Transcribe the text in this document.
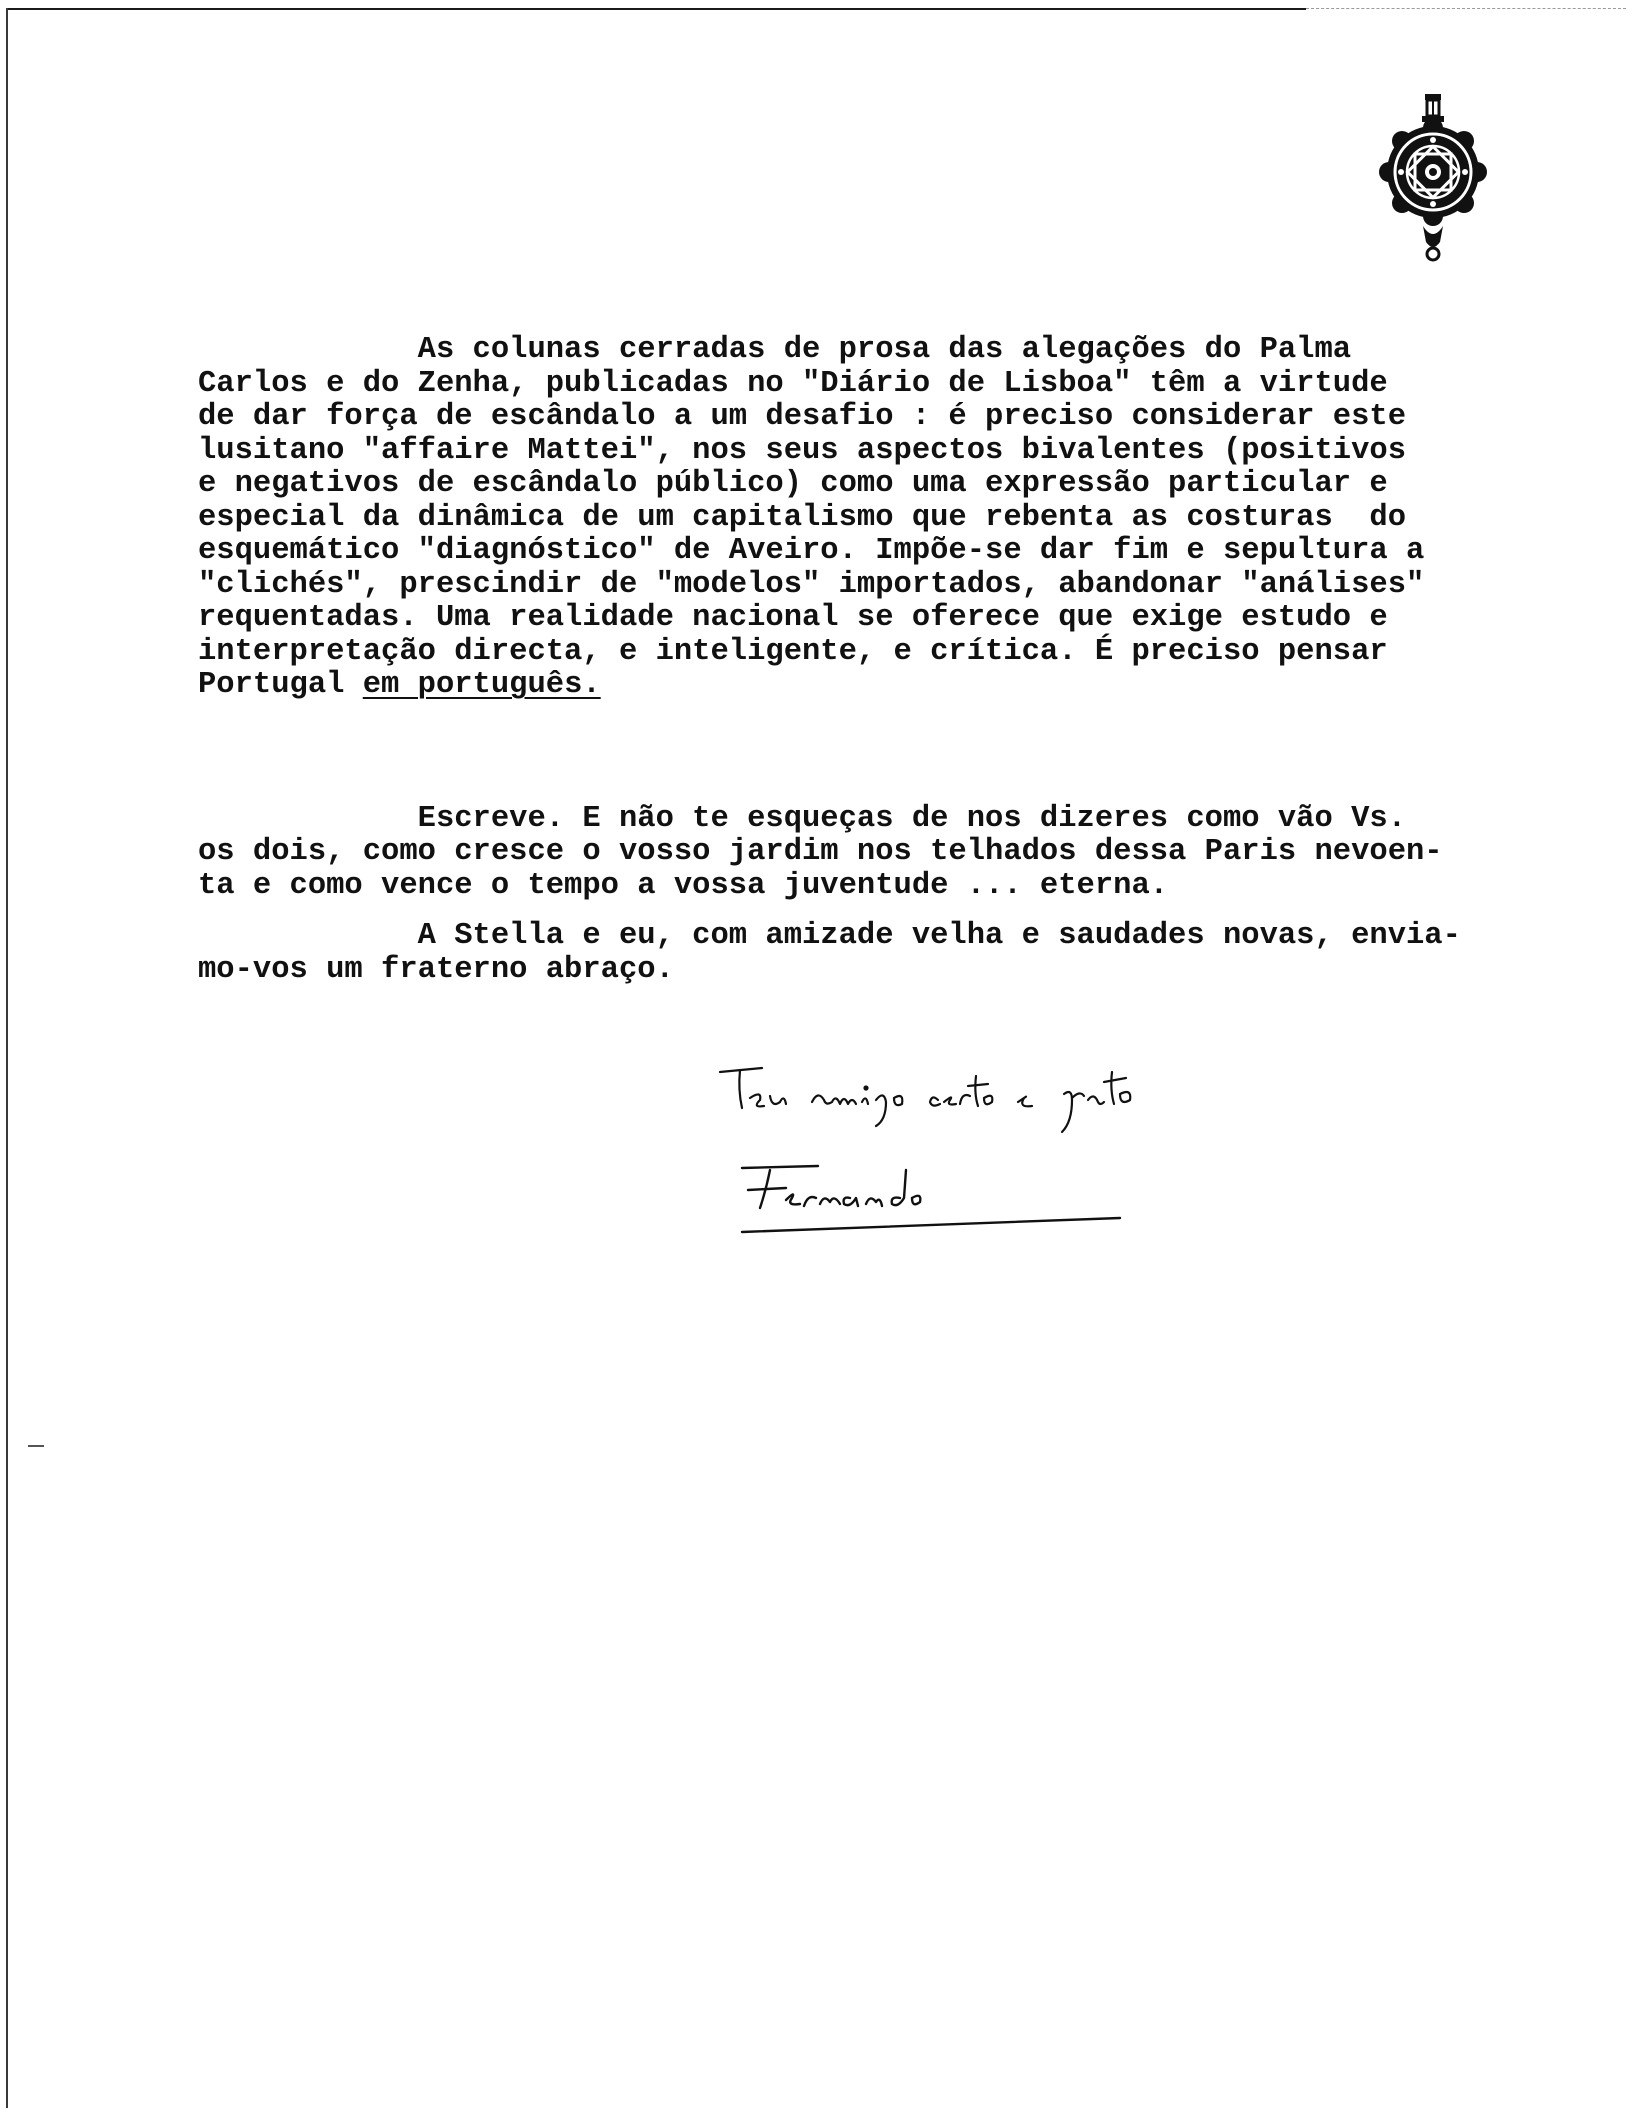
As colunas cerradas de prosa das alegações do Palma

Carlos e do Zenha, publicadas no "Diário de Lisboa" têm a virtude

de dar força de escândalo a um desafio : é preciso considerar este

lusitano "affaire Mattei", nos seus aspectos bivalentes (positivos

e negativos de escândalo público) como uma expressão particular e

especial da dinâmica de um capitalismo que rebenta as costuras  do

esquemático "diagnóstico" de Aveiro. Impõe-se dar fim e sepultura a

"clichés", prescindir de "modelos" importados, abandonar "análises"

requentadas. Uma realidade nacional se oferece que exige estudo e

interpretação directa, e inteligente, e crítica. É preciso pensar

Portugal em português.

Escreve. E não te esqueças de nos dizeres como vão Vs.

os dois, como cresce o vosso jardim nos telhados dessa Paris nevoen-

ta e como vence o tempo a vossa juventude ... eterna.

A Stella e eu, com amizade velha e saudades novas, envia-

mo-vos um fraterno abraço.
